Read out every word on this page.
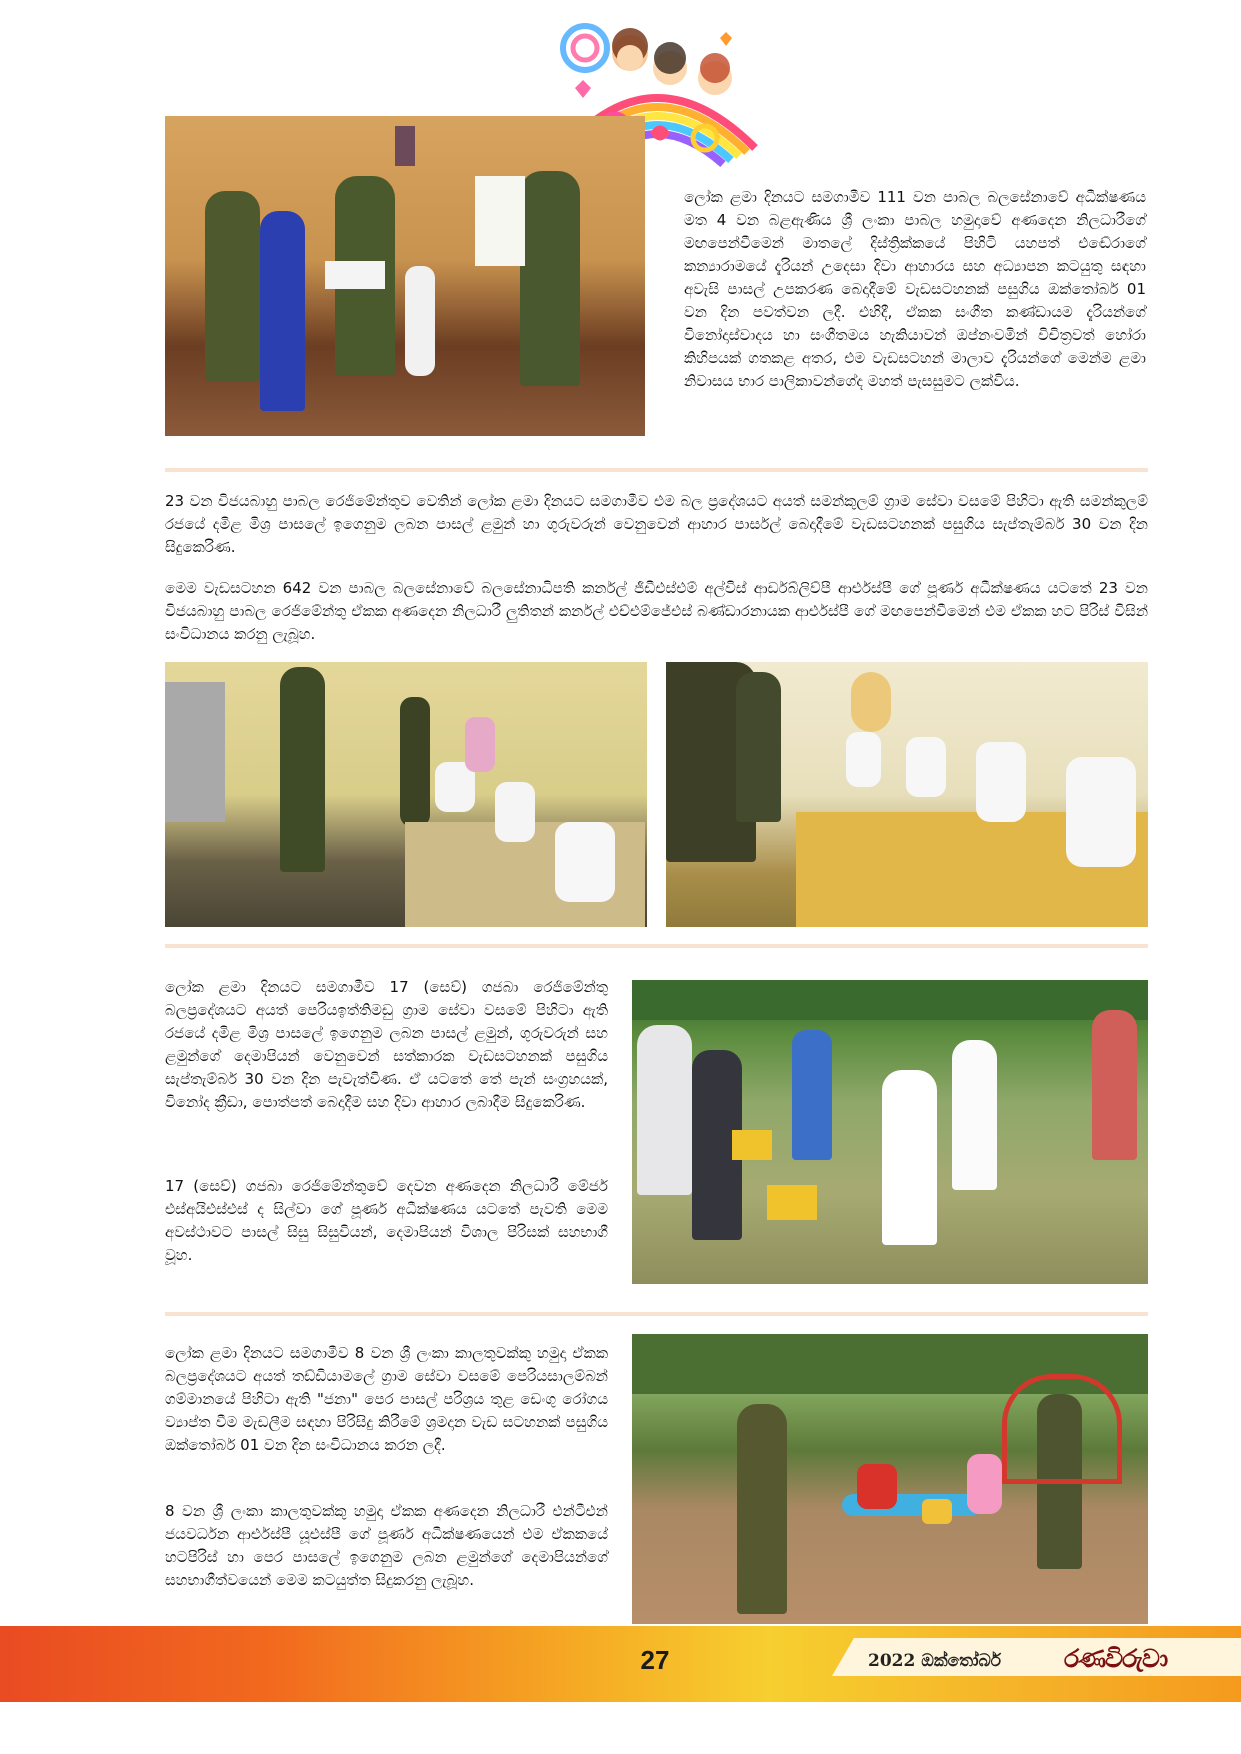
ලෝක ළමා දිනයට සමගාමීව 111 වන පාබල බලසේනාවේ අධීක්ෂණය මත 4 වන බළඇණිය ශ්‍රී ලංකා පාබල හමුදාවේ අණදෙන නිලධාරීගේ මඟපෙන්වීමෙන් මාතලේ දිස්ත්‍රික්කයේ පිහිටි යහපත් එඬේරාගේ කන්‍යාරාමයේ දැරියන් උදෙසා දිවා ආහාරය සහ අධ්‍යාපන කටයුතු සඳහා අවැසි පාසල් උපකරණ බෙදාදීමේ වැඩසටහනක් පසුගිය ඔක්තෝබර් 01 වන දින පවත්වන ලදී. එහිදී, ඒකක සංගීත කණ්ඩායම දැරියන්ගේ විනෝදාස්වාදය හා සංගීතමය හැකියාවන් ඔප්නංවමින් විචිත්‍රවත් හෝරා කිහිපයක් ගතකළ අතර, එම වැඩසටහන් මාලාව දැරියන්ගේ මෙන්ම ළමා නිවාසය භාර පාලිකාවන්ගේද මහත් පැසසුමට ලක්විය.

23 වන විජයබාහු පාබල රෙජිමේන්තුව වෙතින් ලෝක ළමා දිනයට සමගාමීව එම බල ප්‍රදේශයට අයත් සමන්කුලම් ග්‍රාම සේවා වසමේ පිහිටා ඇති සමන්කුලම් රජයේ දමිළ මිශ්‍ර පාසලේ ඉගෙනුම ලබන පාසල් ළමුන් හා ගුරුවරුන් වෙනුවෙන් ආහාර පාර්සල් බෙදාදීමේ වැඩසටහනක් පසුගිය සැප්තැම්බර් 30 වන දින සිදුකෙරිණ.

මෙම වැඩසටහන 642 වන පාබල බලසේනාවේ බලසේනාධිපති කර්නල් ජීඩීඑස්එම් අල්විස් ආර්ඩබ්ලිව්පී ආර්එස්පී ගේ පූර්ණ අධීක්ෂණය යටතේ 23 වන විජයබාහු පාබල රෙජිමේන්තු ඒකක අණදෙන නිලධාරී ලුතිතන් කර්නල් එච්එම්ජේඑස් බණ්ඩාරනායක ආර්එස්පී ගේ මඟපෙන්වීමෙන් එම ඒකක හට පිරිස් විසින් සංවිධානය කරනු ලැබූහ.

ලෝක ළමා දිනයට සමගාමීව 17 (සෙව්) ගජබා රෙජිමේන්තු බලප්‍රදේශයට අයත් පෙරියඉත්තිමඩු ග්‍රාම සේවා වසමේ පිහිටා ඇති රජයේ දමිළ මිශ්‍ර පාසලේ ඉගෙනුම ලබන පාසල් ළමුන්, ගුරුවරුන් සහ ළමුන්ගේ දෙමාපියන් වෙනුවෙන් සත්කාරක වැඩසටහනක් පසුගිය සැප්තැම්බර් 30 වන දින පැවැත්විණ. ඒ යටතේ තේ පැන් සංග්‍රහයක්, විනෝද ක්‍රීඩා, පොත්පත් බෙදාදීම සහ දිවා ආහාර ලබාදීම සිදුකෙරිණ.

17 (සෙව්) ගජබා රෙජිමේන්තුවේ දෙවන අණදෙන නිලධාරී මේජර් එස්අයිඑස්එස් ද සිල්වා ගේ පූර්ණ අධීක්ෂණය යටතේ පැවති මෙම අවස්ථාවට පාසල් සිසු සිසුවියන්, දෙමාපියන් විශාල පිරිසක් සහභාගී වූහ.

ලෝක ළමා දිනයට සමගාමීව 8 වන ශ්‍රී ලංකා කාලතුවක්කු හමුදා ඒකක බලප්‍රදේශයට අයත් තඩ්ඩියාමලේ ග්‍රාම සේවා වසමේ පෙරියසාලම්බන් ගම්මානයේ පිහිටා ඇති "ජනා" පෙර පාසල් පරිශ්‍රය තුළ ඩෙංගු රෝගය ව්‍යාප්ත වීම මැඩලීම සඳහා පිරිසිදු කිරීමේ ශ්‍රමදාන වැඩ සටහනක් පසුගිය ඔක්තෝබර් 01 වන දින සංවිධානය කරන ලදී.

8 වන ශ්‍රී ලංකා කාලතුවක්කු හමුදා ඒකක අණදෙන නිලධාරී එන්ටීඑන් ජයවර්ධන ආර්එස්පී යූඑස්පී ගේ පූර්ණ අධීක්ෂණයෙන් එම ඒකකයේ හටපිරිස් හා පෙර පාසලේ ඉගෙනුම ලබන ළමුන්ගේ දෙමාපියන්ගේ සහභාගීත්වයෙන් මෙම කටයුත්ත සිදුකරනු ලැබූහ.

27	2022 ඔක්තෝබර්	රණවිරුවා
